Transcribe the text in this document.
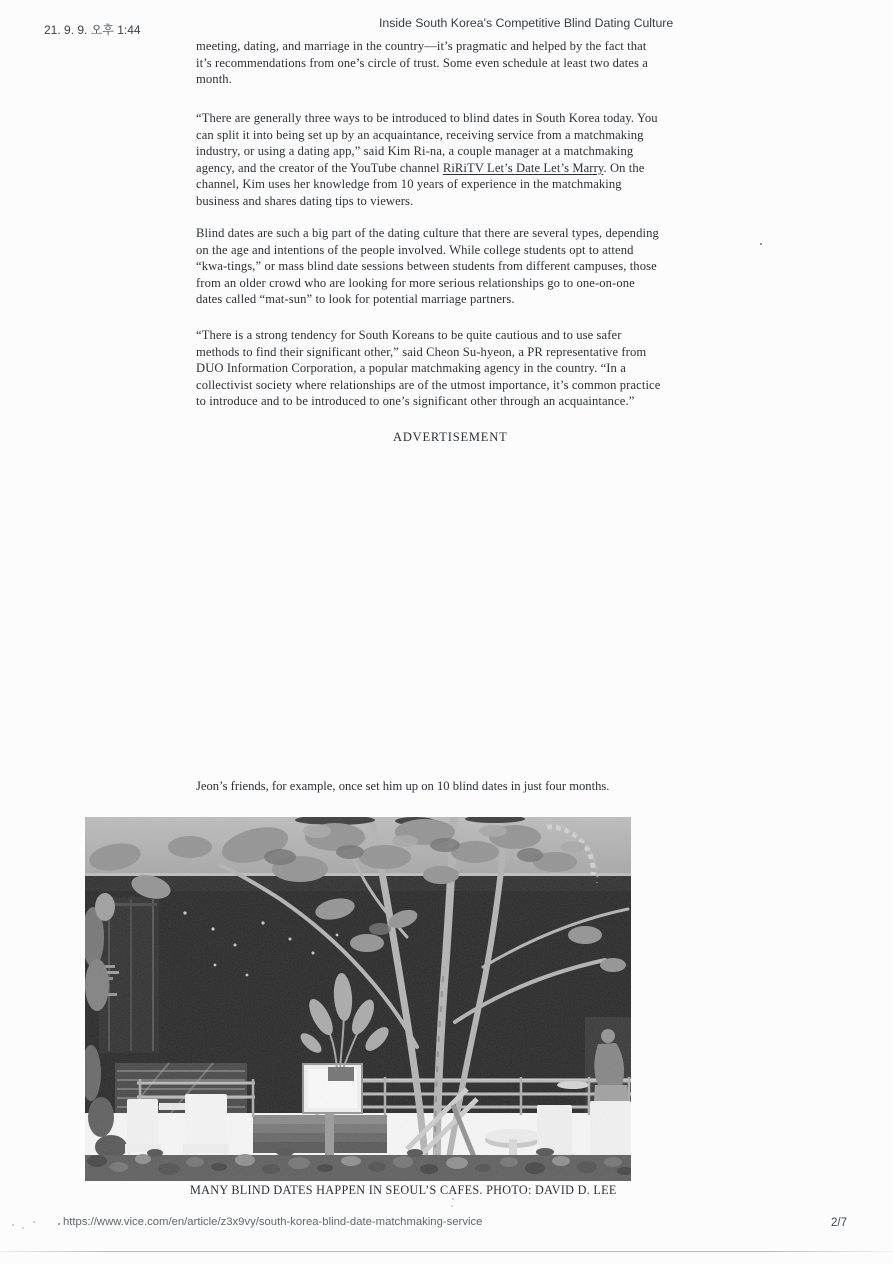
21. 9. 9. 오후 1:44	Inside South Korea's Competitive Blind Dating Culture
meeting, dating, and marriage in the country—it’s pragmatic and helped by the fact that
it’s recommendations from one’s circle of trust. Some even schedule at least two dates a
month.
“There are generally three ways to be introduced to blind dates in South Korea today. You
can split it into being set up by an acquaintance, receiving service from a matchmaking
industry, or using a dating app,” said Kim Ri-na, a couple manager at a matchmaking
agency, and the creator of the YouTube channel RiRiTV Let’s Date Let’s Marry. On the
channel, Kim uses her knowledge from 10 years of experience in the matchmaking
business and shares dating tips to viewers.
Blind dates are such a big part of the dating culture that there are several types, depending
on the age and intentions of the people involved. While college students opt to attend
“kwa-tings,” or mass blind date sessions between students from different campuses, those
from an older crowd who are looking for more serious relationships go to one-on-one
dates called “mat-sun” to look for potential marriage partners.
“There is a strong tendency for South Koreans to be quite cautious and to use safer
methods to find their significant other,” said Cheon Su-hyeon, a PR representative from
DUO Information Corporation, a popular matchmaking agency in the country. “In a
collectivist society where relationships are of the utmost importance, it’s common practice
to introduce and to be introduced to one’s significant other through an acquaintance.”
ADVERTISEMENT
Jeon’s friends, for example, once set him up on 10 blind dates in just four months.
MANY BLIND DATES HAPPEN IN SEOUL’S CAFES. PHOTO: DAVID D. LEE
https://www.vice.com/en/article/z3x9vy/south-korea-blind-date-matchmaking-service	2/7
